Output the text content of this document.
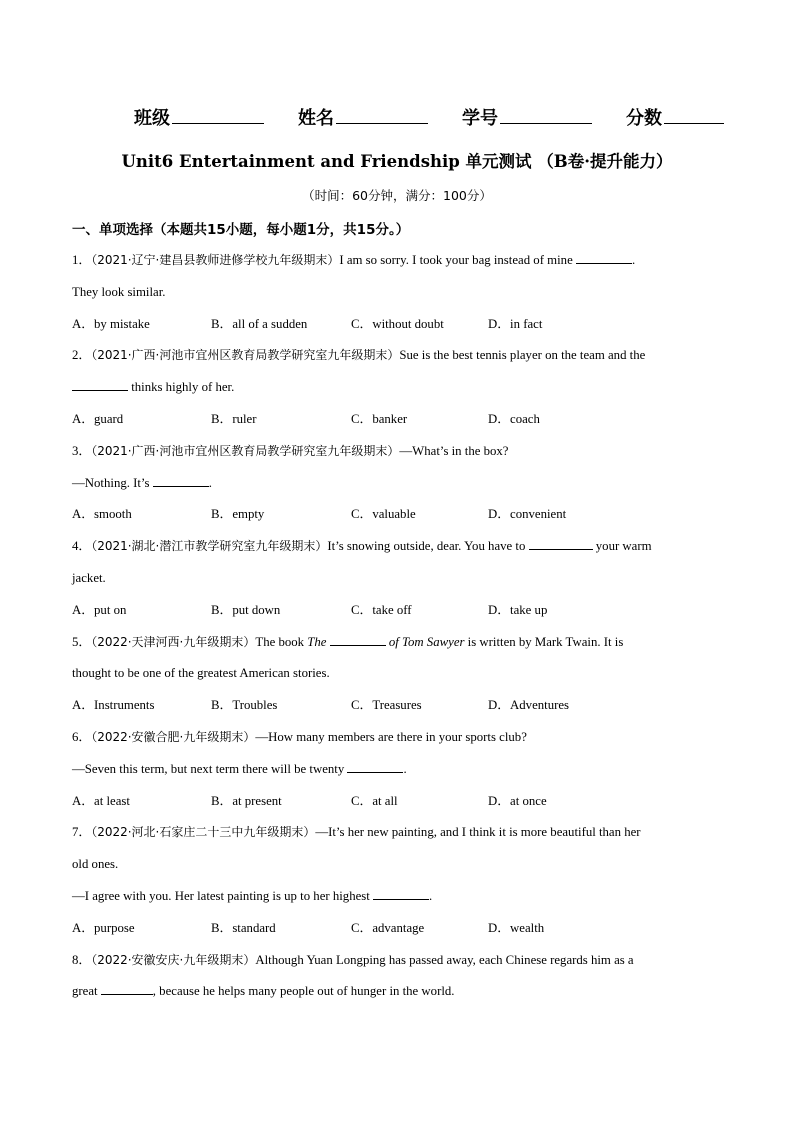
班级	姓名	学号	分数
Unit6 Entertainment and Friendship 单元测试 （B卷·提升能力）
（时间：60分钟，满分：100分）
一、单项选择（本题共15小题，每小题1分，共15分。）
1．（2021·辽宁·建昌县教师进修学校九年级期末）I am so sorry. I took your bag instead of mine	.
They look similar.
A．by mistake	B．all of a sudden	C．without doubt	D．in fact
2．（2021·广西·河池市宜州区教育局教学研究室九年级期末）Sue is the best tennis player on the team and the
thinks highly of her.
A．guard	B．ruler	C．banker	D．coach
3．（2021·广西·河池市宜州区教育局教学研究室九年级期末）—What’s in the box?
—Nothing. It’s	.
A．smooth	B．empty	C．valuable	D．convenient
4．（2021·湖北·潜江市教学研究室九年级期末）It’s snowing outside, dear. You have to	your warm
jacket.
A．put on	B．put down	C．take off	D．take up
5．（2022·天津河西·九年级期末）The book The	of Tom Sawyer is written by Mark Twain. It is
thought to be one of the greatest American stories.
A．Instruments	B．Troubles	C．Treasures	D．Adventures
6．（2022·安徽合肥·九年级期末）—How many members are there in your sports club?
—Seven this term, but next term there will be twenty	.
A．at least	B．at present	C．at all	D．at once
7．（2022·河北·石家庄二十三中九年级期末）—It’s her new painting, and I think it is more beautiful than her
old ones.
—I agree with you. Her latest painting is up to her highest	.
A．purpose	B．standard	C．advantage	D．wealth
8．（2022·安徽安庆·九年级期末）Although Yuan Longping has passed away, each Chinese regards him as a
great	, because he helps many people out of hunger in the world.
